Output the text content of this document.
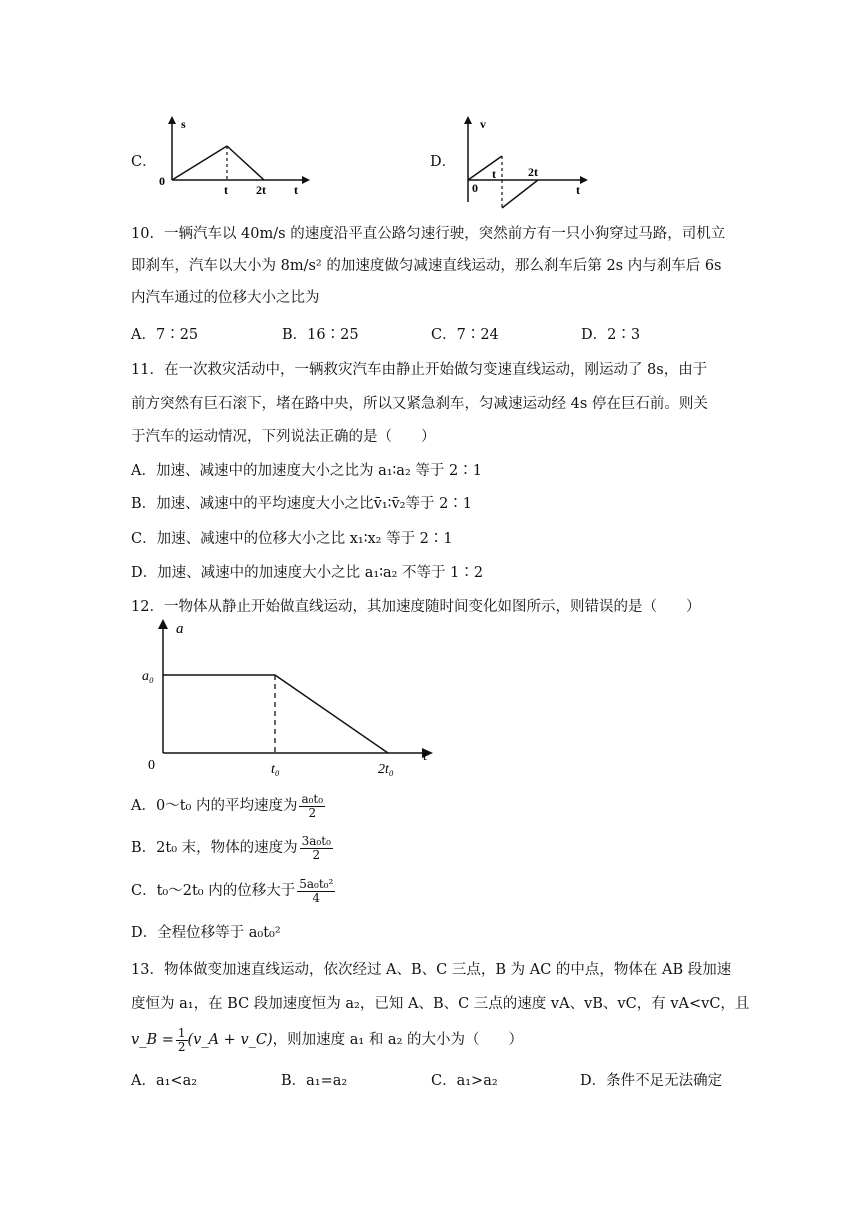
C．
s
0
t 2t t
D．
v
0
t	2t
t
10．一辆汽车以 40m/s 的速度沿平直公路匀速行驶，突然前方有一只小狗穿过马路，司机立
即刹车，汽车以大小为 8m/s² 的加速度做匀减速直线运动，那么刹车后第 2s 内与刹车后 6s
内汽车通过的位移大小之比为
A．7∶25	B．16∶25	C．7∶24	D．2∶3
11．在一次救灾活动中，一辆救灾汽车由静止开始做匀变速直线运动，刚运动了 8s，由于
前方突然有巨石滚下，堵在路中央，所以又紧急刹车，匀减速运动经 4s 停在巨石前。则关
于汽车的运动情况，下列说法正确的是（　　）
A．加速、减速中的加速度大小之比为 a₁∶a₂ 等于 2∶1
B．加速、减速中的平均速度大小之比v̄₁∶v̄₂等于 2∶1
C．加速、减速中的位移大小之比 x₁∶x₂ 等于 2∶1
D．加速、减速中的加速度大小之比 a₁∶a₂ 不等于 1∶2
12．一物体从静止开始做直线运动，其加速度随时间变化如图所示，则错误的是（　　）
a
a₀
0	t₀	2t₀
t
A．0～t₀ 内的平均速度为 $\frac{\text{a₀t₀}}{2}$
B．2t₀ 末，物体的速度为 $\frac{\text{3a₀t₀}}{2}$
C．t₀～2t₀ 内的位移大于 $\frac{\text{5a₀t₀²}}{4}$
D．全程位移等于 a₀t₀²
13．物体做变加速直线运动，依次经过 A、B、C 三点，B 为 AC 的中点，物体在 AB 段加速
度恒为 a₁，在 BC 段加速度恒为 a₂，已知 A、B、C 三点的速度 vA、vB、vC，有 vA<vC，且
v_B = $\frac{1}{2}$ (v_A + v_C)，则加速度 a₁ 和 a₂ 的大小为（　　）
A．a₁<a₂	B．a₁=a₂	C．a₁>a₂	D．条件不足无法确定
